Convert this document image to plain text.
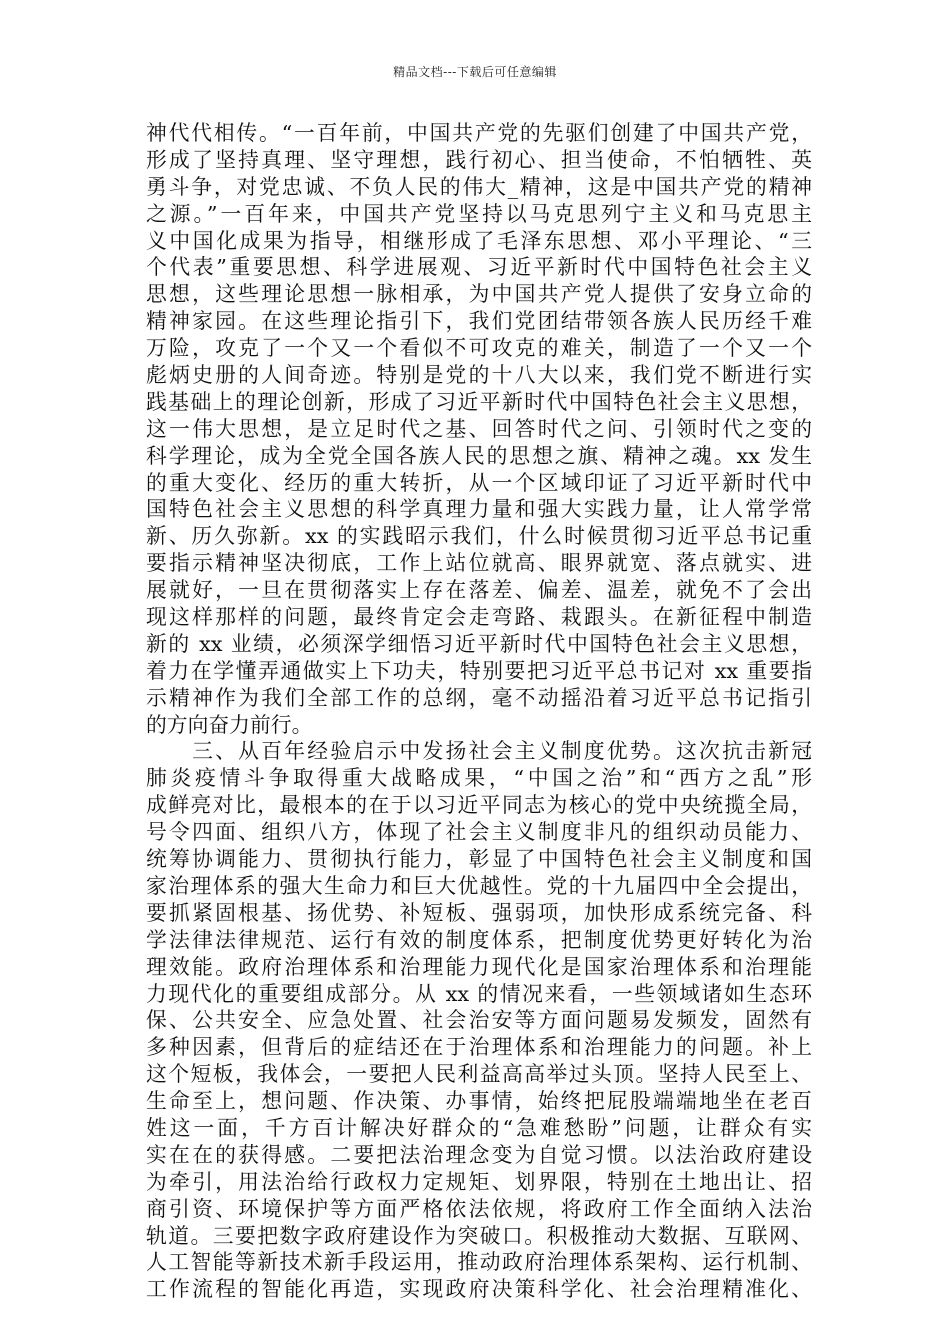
精品文档---下载后可任意编辑
神代代相传。“一百年前，中国共产党的先驱们创建了中国共产党，
形成了坚持真理、坚守理想，践行初心、担当使命，不怕牺牲、英
勇斗争，对党忠诚、不负人民的伟大_精神，这是中国共产党的精神
之源。”一百年来，中国共产党坚持以马克思列宁主义和马克思主
义中国化成果为指导，相继形成了毛泽东思想、邓小平理论、“三
个代表”重要思想、科学进展观、习近平新时代中国特色社会主义
思想，这些理论思想一脉相承，为中国共产党人提供了安身立命的
精神家园。在这些理论指引下，我们党团结带领各族人民历经千难
万险，攻克了一个又一个看似不可攻克的难关，制造了一个又一个
彪炳史册的人间奇迹。特别是党的十八大以来，我们党不断进行实
践基础上的理论创新，形成了习近平新时代中国特色社会主义思想，
这一伟大思想，是立足时代之基、回答时代之问、引领时代之变的
科学理论，成为全党全国各族人民的思想之旗、精神之魂。xx 发生
的重大变化、经历的重大转折，从一个区域印证了习近平新时代中
国特色社会主义思想的科学真理力量和强大实践力量，让人常学常
新、历久弥新。xx 的实践昭示我们，什么时候贯彻习近平总书记重
要指示精神坚决彻底，工作上站位就高、眼界就宽、落点就实、进
展就好，一旦在贯彻落实上存在落差、偏差、温差，就免不了会出
现这样那样的问题，最终肯定会走弯路、栽跟头。在新征程中制造
新的 xx 业绩，必须深学细悟习近平新时代中国特色社会主义思想，
着力在学懂弄通做实上下功夫，特别要把习近平总书记对 xx 重要指
示精神作为我们全部工作的总纲，毫不动摇沿着习近平总书记指引
的方向奋力前行。
　　三、从百年经验启示中发扬社会主义制度优势。这次抗击新冠
肺炎疫情斗争取得重大战略成果，“中国之治”和“西方之乱”形
成鲜亮对比，最根本的在于以习近平同志为核心的党中央统揽全局，
号令四面、组织八方，体现了社会主义制度非凡的组织动员能力、
统筹协调能力、贯彻执行能力，彰显了中国特色社会主义制度和国
家治理体系的强大生命力和巨大优越性。党的十九届四中全会提出，
要抓紧固根基、扬优势、补短板、强弱项，加快形成系统完备、科
学法律法律规范、运行有效的制度体系，把制度优势更好转化为治
理效能。政府治理体系和治理能力现代化是国家治理体系和治理能
力现代化的重要组成部分。从 xx 的情况来看，一些领域诸如生态环
保、公共安全、应急处置、社会治安等方面问题易发频发，固然有
多种因素，但背后的症结还在于治理体系和治理能力的问题。补上
这个短板，我体会，一要把人民利益高高举过头顶。坚持人民至上、
生命至上，想问题、作决策、办事情，始终把屁股端端地坐在老百
姓这一面，千方百计解决好群众的“急难愁盼”问题，让群众有实
实在在的获得感。二要把法治理念变为自觉习惯。以法治政府建设
为牵引，用法治给行政权力定规矩、划界限，特别在土地出让、招
商引资、环境保护等方面严格依法依规，将政府工作全面纳入法治
轨道。三要把数字政府建设作为突破口。积极推动大数据、互联网、
人工智能等新技术新手段运用，推动政府治理体系架构、运行机制、
工作流程的智能化再造，实现政府决策科学化、社会治理精准化、
